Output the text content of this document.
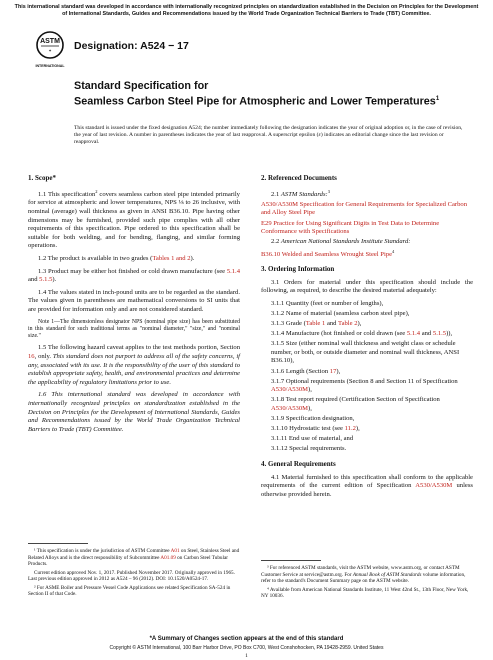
This international standard was developed in accordance with internationally recognized principles on standardization established in the Decision on Principles for the Development of International Standards, Guides and Recommendations issued by the World Trade Organization Technical Barriers to Trade (TBT) Committee.
ASTM
✦
INTERNATIONAL
Designation: A524 − 17
Standard Specification for
Seamless Carbon Steel Pipe for Atmospheric and Lower Temperatures$^1$
This standard is issued under the fixed designation A524; the number immediately following the designation indicates the year of original adoption or, in the case of revision, the year of last revision. A number in parentheses indicates the year of last reapproval. A superscript epsilon (ε) indicates an editorial change since the last revision or reapproval.
1. Scope*

1.1 This specification$^2$ covers seamless carbon steel pipe intended primarily for service at atmospheric and lower temperatures, NPS ⅛ to 26 inclusive, with nominal (average) wall thickness as given in ANSI B36.10. Pipe having other dimensions may be furnished, provided such pipe complies with all other requirements of this specification. Pipe ordered to this specification shall be suitable for both welding, and for bending, flanging, and similar forming operations.

1.2 The product is available in two grades (Tables 1 and 2).

1.3 Product may be either hot finished or cold drawn manufacture (see 5.1.4 and 5.1.5).

1.4 The values stated in inch-pound units are to be regarded as the standard. The values given in parentheses are mathematical conversions to SI units that are provided for information only and are not considered standard.

Note 1—The dimensionless designator NPS (nominal pipe size) has been substituted in this standard for such traditional terms as "nominal diameter," "size," and "nominal size."

1.5 The following hazard caveat applies to the test methods portion, Section 16, only. This standard does not purport to address all of the safety concerns, if any, associated with its use. It is the responsibility of the user of this standard to establish appropriate safety, health, and environmental practices and determine the applicability of regulatory limitations prior to use.

1.6 This international standard was developed in accordance with internationally recognized principles on standardization established in the Decision on Principles for the Development of International Standards, Guides and Recommendations issued by the World Trade Organization Technical Barriers to Trade (TBT) Committee.

¹ This specification is under the jurisdiction of ASTM Committee A01 on Steel, Stainless Steel and Related Alloys and is the direct responsibility of Subcommittee A01.09 on Carbon Steel Tubular Products.

Current edition approved Nov. 1, 2017. Published November 2017. Originally approved in 1965. Last previous edition approved in 2012 as A524 – 96 (2012). DOI: 10.1520/A0524-17.

² For ASME Boiler and Pressure Vessel Code Applications see related Specification SA-524 in Section II of that Code.

2. Referenced Documents
2.1 ASTM Standards:$^3$
A530/A530M Specification for General Requirements for Specialized Carbon and Alloy Steel Pipe
E29 Practice for Using Significant Digits in Test Data to Determine Conformance with Specifications
2.2 American National Standards Institute Standard:
B36.10 Welded and Seamless Wrought Steel Pipe$^4$
3. Ordering Information

3.1 Orders for material under this specification should include the following, as required, to describe the desired material adequately:

3.1.1 Quantity (feet or number of lengths),
3.1.2 Name of material (seamless carbon steel pipe),
3.1.3 Grade (Table 1 and Table 2),
3.1.4 Manufacture (hot finished or cold drawn (see 5.1.4 and 5.1.5)),
3.1.5 Size (either nominal wall thickness and weight class or schedule number, or both, or outside diameter and nominal wall thickness, ANSI B36.10),
3.1.6 Length (Section 17),
3.1.7 Optional requirements (Section 8 and Section 11 of Specification A530/A530M),
3.1.8 Test report required (Certification Section of Specification A530/A530M),
3.1.9 Specification designation,
3.1.10 Hydrostatic test (see 11.2),
3.1.11 End use of material, and
3.1.12 Special requirements.
4. General Requirements

4.1 Material furnished to this specification shall conform to the applicable requirements of the current edition of Specification A530/A530M unless otherwise provided herein.

³ For referenced ASTM standards, visit the ASTM website, www.astm.org, or contact ASTM Customer Service at service@astm.org. For Annual Book of ASTM Standards volume information, refer to the standard's Document Summary page on the ASTM website.

⁴ Available from American National Standards Institute, 11 West 42nd St., 13th Floor, New York, NY 10036.

*A Summary of Changes section appears at the end of this standard
Copyright © ASTM International, 100 Barr Harbor Drive, PO Box C700, West Conshohocken, PA 19428-2959. United States
1
